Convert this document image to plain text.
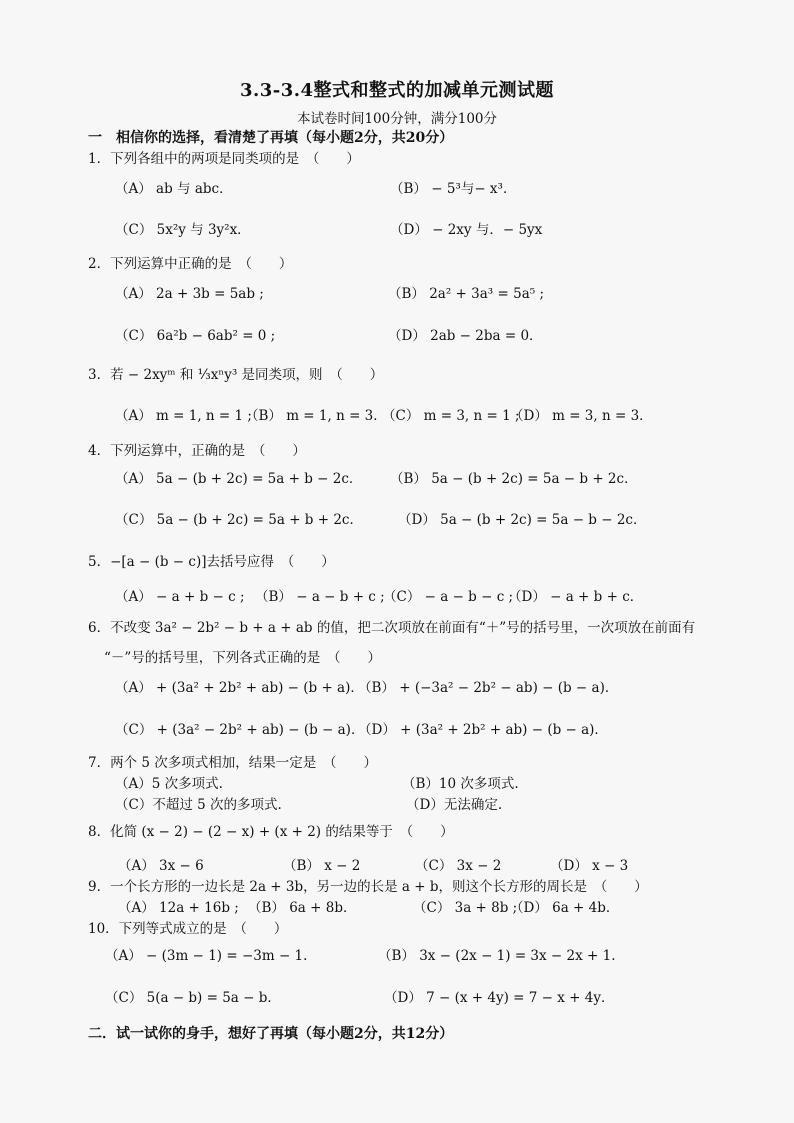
3.3-3.4整式和整式的加减单元测试题
本试卷时间100分钟，满分100分
一　相信你的选择，看清楚了再填（每小题2分，共20分）
1．下列各组中的两项是同类项的是　（　　）
（A） ab 与 abc．	（B） − 5³与− x³．
（C） 5x²y 与 3y²x．	（D） − 2xy 与．− 5yx
2．下列运算中正确的是　（　　）
（A） 2a + 3b = 5ab ;	（B） 2a² + 3a³ = 5a⁵ ;
（C） 6a²b − 6ab² = 0 ;	（D） 2ab − 2ba = 0．
3．若 − 2xyᵐ 和 ⅓xⁿy³ 是同类项，则　（　　）
（A） m = 1, n = 1 ;
（B） m = 1, n = 3．
（C） m = 3, n = 1 ;
（D） m = 3, n = 3．
4．下列运算中，正确的是　（　　）
（A） 5a − (b + 2c) = 5a + b − 2c． （B） 5a − (b + 2c) = 5a − b + 2c．
（C） 5a − (b + 2c) = 5a + b + 2c．	（D） 5a − (b + 2c) = 5a − b − 2c．
5．−[a − (b − c)]去括号应得　（　　）
（A） − a + b − c ; （B） − a − b + c ;
（C） − a − b − c ;
（D） − a + b + c．
6．不改变 3a² − 2b² − b + a + ab 的值，把二次项放在前面有“＋”号的括号里，一次项放在前面有
“－”号的括号里，下列各式正确的是　（　　）
（A） + (3a² + 2b² + ab) − (b + a)．
（B） + (−3a² − 2b² − ab) − (b − a)．
（C） + (3a² − 2b² + ab) − (b − a)．
（D） + (3a² + 2b² + ab) − (b − a)．
7．两个 5 次多项式相加，结果一定是　（　　）
（A）5 次多项式.	（B）10 次多项式.
（C）不超过 5 次的多项式.	（D）无法确定.
8．化简 (x − 2) − (2 − x) + (x + 2) 的结果等于　（　　）
（A） 3x − 6	（B） x − 2	（C） 3x − 2	（D） x − 3
9．一个长方形的一边长是 2a + 3b，另一边的长是 a + b，则这个长方形的周长是　（　　）
（A） 12a + 16b ; （B） 6a + 8b．	（C） 3a + 8b ;
（D） 6a + 4b．
10．下列等式成立的是　（　　）
（A） − (3m − 1) = −3m − 1.	（B） 3x − (2x − 1) = 3x − 2x + 1.
（C） 5(a − b) = 5a − b．	（D） 7 − (x + 4y) = 7 − x + 4y．
二．试一试你的身手，想好了再填（每小题2分，共12分）
